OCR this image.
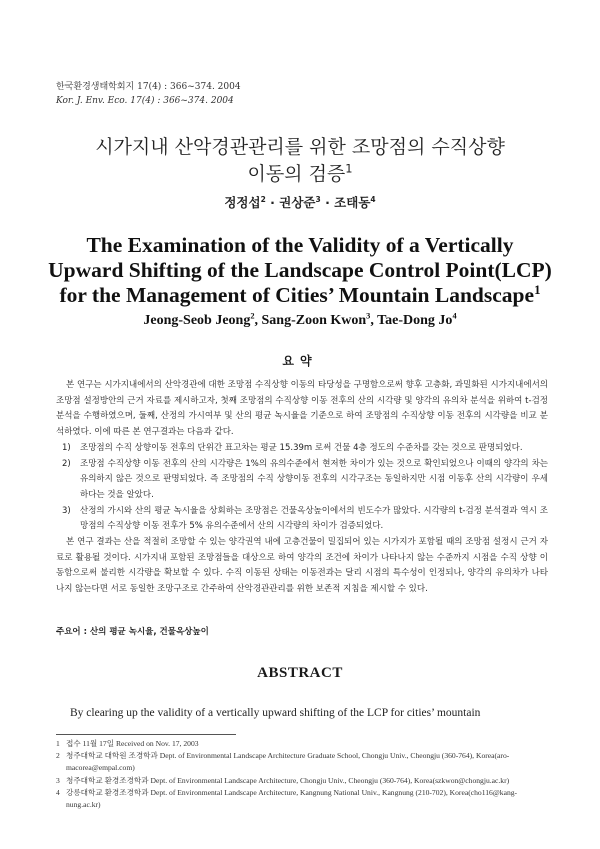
한국환경생태학회지 17(4) : 366~374. 2004
Kor. J. Env. Eco. 17(4) : 366~374. 2004
시가지내 산악경관관리를 위한 조망점의 수직상향
이동의 검증$^1$
정정섭$^2$ · 권상준$^3$ · 조태동$^4$
The Examination of the Validity of a Vertically
Upward Shifting of the Landscape Control Point(LCP)
for the Management of Cities’ Mountain Landscape$^1$
Jeong-Seob Jeong$^2$, Sang-Zoon Kwon$^3$, Tae-Dong Jo$^4$
요약

본 연구는 시가지내에서의 산악경관에 대한 조망점 수직상향 이동의 타당성을 구명함으로써 향후 고층화, 과밀화된 시가지내에서의 조망점 설정방안의 근거 자료를 제시하고자, 첫째 조망점의 수직상향 이동 전후의 산의 시각량 및 양각의 유의차 분석을 위하여 t-검정 분석을 수행하였으며, 둘째, 산정의 가시여부 및 산의 평균 녹시율을 기준으로 하여 조망점의 수직상향 이동 전후의 시각량을 비교 분석하였다. 이에 따른 본 연구결과는 다음과 같다.

1)	조망점의 수직 상향이동 전후의 단위간 표고차는 평균 15.39m 로써 건물 4층 정도의 수준차를 갖는 것으로 판명되었다.
2)	조망점 수직상향 이동 전후의 산의 시각량은 1%의 유의수준에서 현저한 차이가 있는 것으로 확인되었으나 이때의 양각의 차는 유의하지 않은 것으로 판명되었다. 즉 조망점의 수직 상향이동 전후의 시각구조는 동일하지만 시점 이동후 산의 시각량이 우세하다는 것을 알았다.
3)	산정의 가시와 산의 평균 녹시율을 상회하는 조망점은 건물옥상높이에서의 빈도수가 많았다. 시각량의 t-검정 분석결과 역시 조망점의 수직상향 이동 전후가 5% 유의수준에서 산의 시각량의 차이가 검증되었다.

본 연구 결과는 산을 적절히 조망할 수 있는 양각권역 내에 고층건물이 밀집되어 있는 시가지가 포함될 때의 조망점 설정시 근거 자료로 활용될 것이다. 시가지내 포함된 조망점들을 대상으로 하여 양각의 조건에 차이가 나타나지 않는 수준까지 시점을 수직 상향 이동함으로써 불리한 시각량을 확보할 수 있다. 수직 이동된 상태는 이동전과는 달리 시점의 특수성이 인정되나, 양각의 유의차가 나타나지 않는다면 서로 동일한 조망구조로 간주하여 산악경관관리를 위한 보존적 지침을 제시할 수 있다.

주요어 : 산의 평균 녹시율, 건물옥상높이
ABSTRACT
By clearing up the validity of a vertically upward shifting of the LCP for cities’ mountain
1 접수 11월 17일 Received on Nov. 17, 2003
2 청주대학교 대학원 조경학과 Dept. of Environmental Landscape Architecture Graduate School, Chongju Univ., Cheongju (360-764), Korea(aro-macorea@empal.com)
3 청주대학교 환경조경학과 Dept. of Environmental Landscape Architecture, Chongju Univ., Cheongju (360-764), Korea(szkwon@chongju.ac.kr)
4 강릉대학교 환경조경학과 Dept. of Environmental Landscape Architecture, Kangnung National Univ., Kangnung (210-702), Korea(cho116@kang-nung.ac.kr)
